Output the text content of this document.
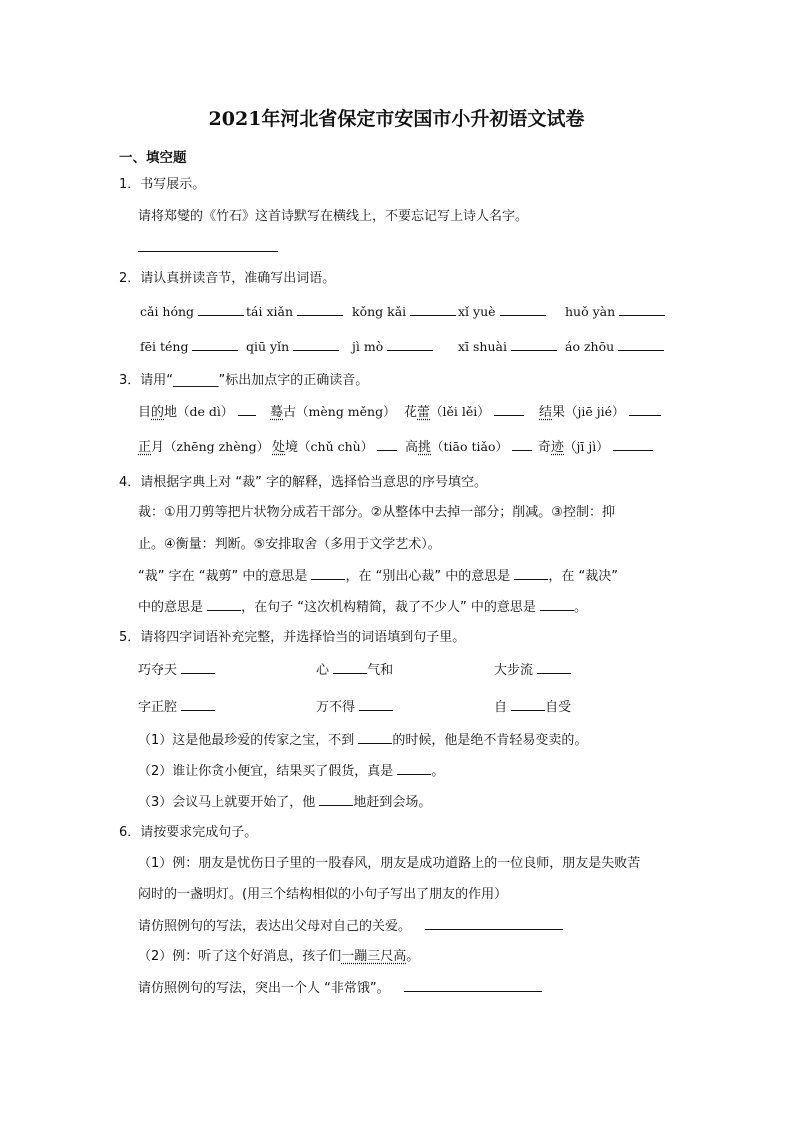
2021年河北省保定市安国市小升初语文试卷
一、填空题
1．书写展示。
请将郑燮的《竹石》这首诗默写在横线上，不要忘记写上诗人名字。
2．请认真拼读音节，准确写出词语。
cǎi hóng	tái xiǎn	kǒng kǎi	xǐ yuè	huǒ yàn
fēi téng	qiū yǐn	jì mò	xī shuài	áo zhōu
3．请用“_______”标出加点字的正确读音。
目的地（de dì）	蓦古（mèng měng） 花蕾（lěi lěi）	结果（jiē jié）
正月（zhēng zhèng） 处境（chǔ chù）	高挑（tiāo tiǎo）	奇迹（jī jì）
4．请根据字典上对 “裁” 字的解释，选择恰当意思的序号填空。
裁：①用刀剪等把片状物分成若干部分。②从整体中去掉一部分；削减。③控制：抑
止。④衡量：判断。⑤安排取舍（多用于文学艺术）。
“裁” 字在 “裁剪” 中的意思是	，在 “别出心裁” 中的意思是	，在 “裁决”
中的意思是	，在句子 “这次机构精简，裁了不少人” 中的意思是	。
5．请将四字词语补充完整，并选择恰当的词语填到句子里。
巧夺天	心	气和	大步流
字正腔	万不得	自	自受
（1）这是他最珍爱的传家之宝，不到	的时候，他是绝不肯轻易变卖的。
（2）谁让你贪小便宜，结果买了假货，真是	。
（3）会议马上就要开始了，他	地赶到会场。
6．请按要求完成句子。
（1）例：朋友是忧伤日子里的一股春风，朋友是成功道路上的一位良师，朋友是失败苦
闷时的一盏明灯。(用三个结构相似的小句子写出了朋友的作用）
请仿照例句的写法，表达出父母对自己的关爱。
（2）例：听了这个好消息，孩子们一蹦三尺高。
请仿照例句的写法，突出一个人 “非常饿”。
